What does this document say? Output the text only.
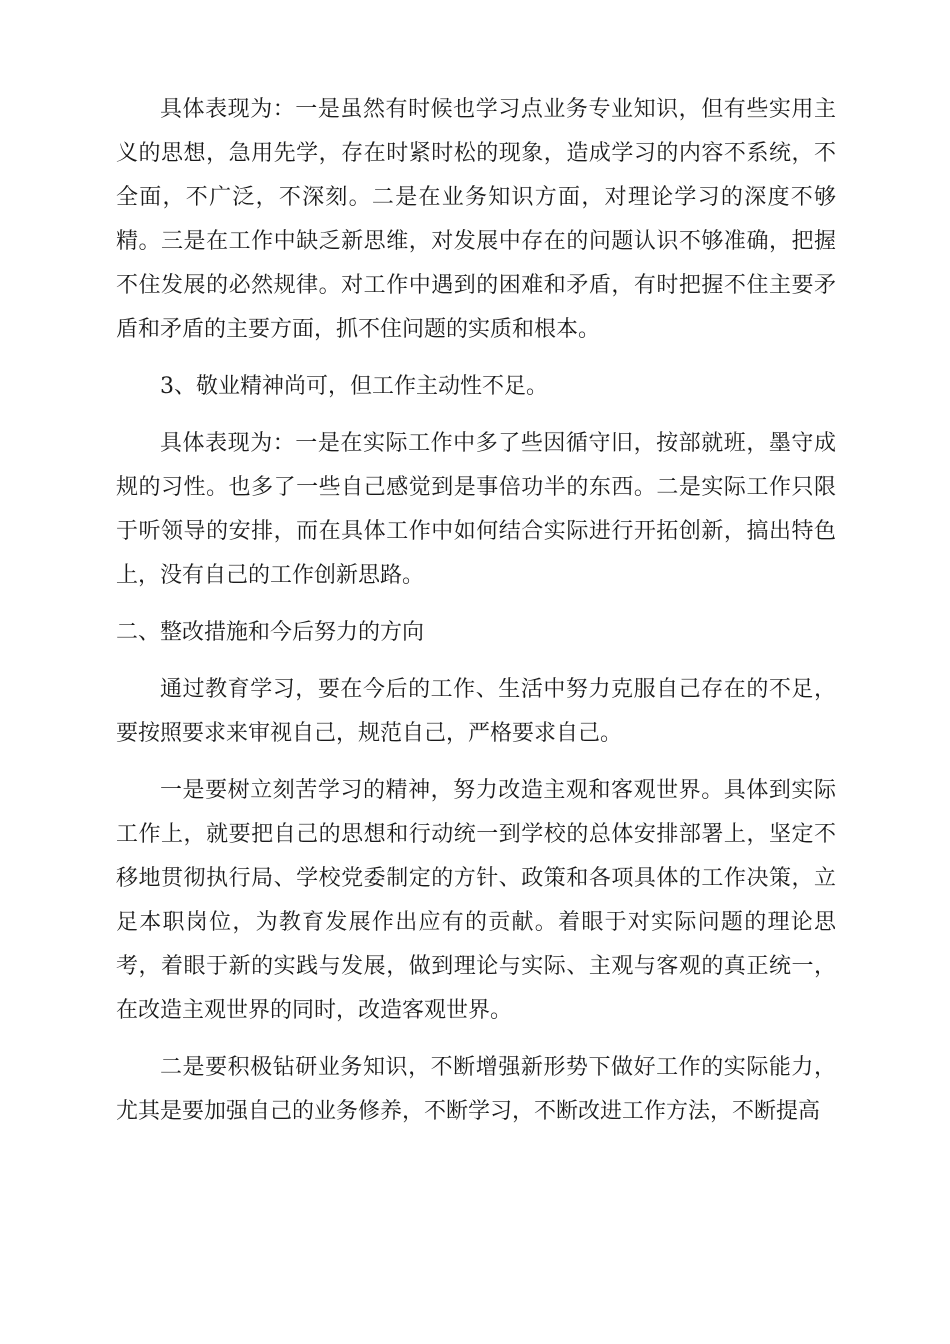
具体表现为：一是虽然有时候也学习点业务专业知识，但有些实用主义的思想，急用先学，存在时紧时松的现象，造成学习的内容不系统，不全面，不广泛，不深刻。二是在业务知识方面，对理论学习的深度不够精。三是在工作中缺乏新思维，对发展中存在的问题认识不够准确，把握不住发展的必然规律。对工作中遇到的困难和矛盾，有时把握不住主要矛盾和矛盾的主要方面，抓不住问题的实质和根本。

3、敬业精神尚可，但工作主动性不足。

具体表现为：一是在实际工作中多了些因循守旧，按部就班，墨守成规的习性。也多了一些自己感觉到是事倍功半的东西。二是实际工作只限于听领导的安排，而在具体工作中如何结合实际进行开拓创新，搞出特色上，没有自己的工作创新思路。

二、整改措施和今后努力的方向

通过教育学习，要在今后的工作、生活中努力克服自己存在的不足，要按照要求来审视自己，规范自己，严格要求自己。

一是要树立刻苦学习的精神，努力改造主观和客观世界。具体到实际工作上，就要把自己的思想和行动统一到学校的总体安排部署上，坚定不移地贯彻执行局、学校党委制定的方针、政策和各项具体的工作决策，立足本职岗位，为教育发展作出应有的贡献。着眼于对实际问题的理论思考，着眼于新的实践与发展，做到理论与实际、主观与客观的真正统一，在改造主观世界的同时，改造客观世界。

二是要积极钻研业务知识，不断增强新形势下做好工作的实际能力，尤其是要加强自己的业务修养，不断学习，不断改进工作方法，不断提高
